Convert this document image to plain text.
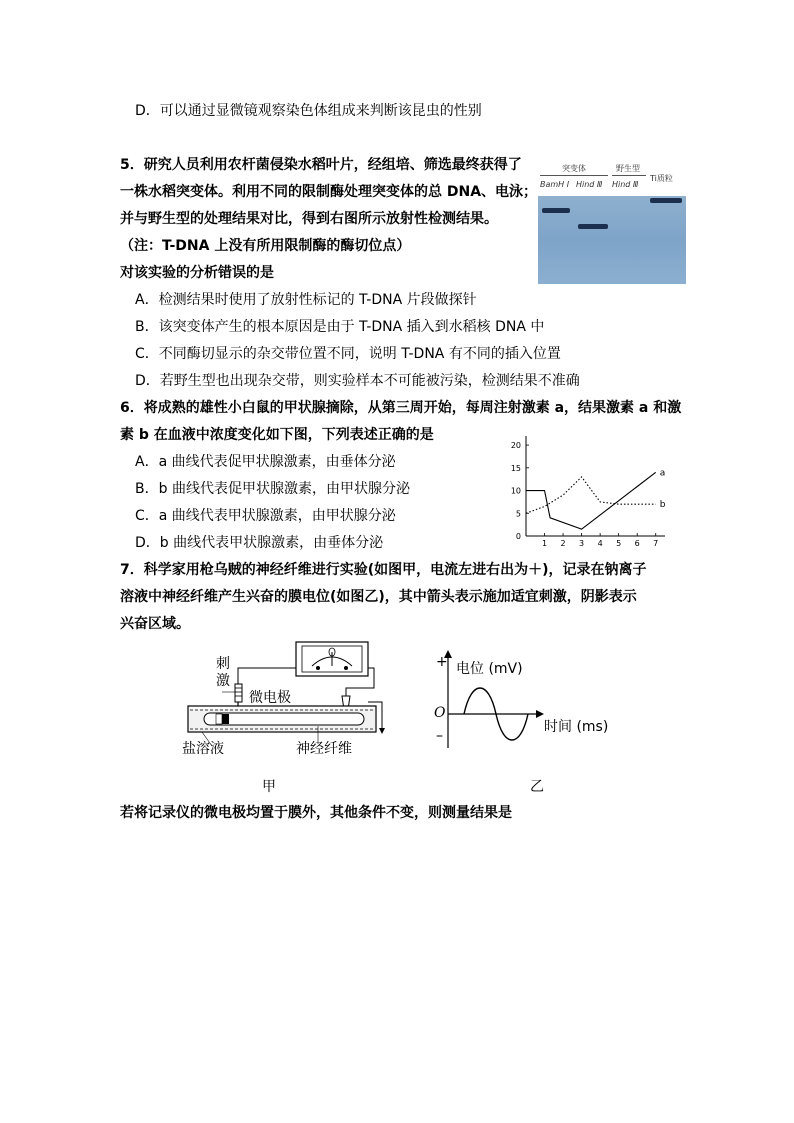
D．可以通过显微镜观察染色体组成来判断该昆虫的性别
5．研究人员利用农杆菌侵染水稻叶片，经组培、筛选最终获得了
一株水稻突变体。利用不同的限制酶处理突变体的总 DNA、电泳；
并与野生型的处理结果对比，得到右图所示放射性检测结果。
（注：T-DNA 上没有所用限制酶的酶切位点）
对该实验的分析错误的是
突变体	野生型
BamH Ⅰ Hind Ⅲ Hind Ⅲ
Ti质粒
A．检测结果时使用了放射性标记的 T-DNA 片段做探针
B．该突变体产生的根本原因是由于 T-DNA 插入到水稻核 DNA 中
C．不同酶切显示的杂交带位置不同，说明 T-DNA 有不同的插入位置
D．若野生型也出现杂交带，则实验样本不可能被污染，检测结果不准确
6．将成熟的雄性小白鼠的甲状腺摘除，从第三周开始，每周注射激素 a，结果激素 a 和激
素 b 在血液中浓度变化如下图，下列表述正确的是
A．a 曲线代表促甲状腺激素，由垂体分泌
B．b 曲线代表促甲状腺激素，由甲状腺分泌
C．a 曲线代表甲状腺激素，由甲状腺分泌
D．b 曲线代表甲状腺激素，由垂体分泌	0
5
10
15
20
1 2 3 4 5 6 7
a
b
7．科学家用枪乌贼的神经纤维进行实验(如图甲，电流左进右出为＋)，记录在钠离子
溶液中神经纤维产生兴奋的膜电位(如图乙)，其中箭头表示施加适宜刺激，阴影表示
兴奋区域。
刺激
微电极
盐溶液	神经纤维
甲
+ 电位 (mV)
O
–
时间 (ms)
乙
若将记录仪的微电极均置于膜外，其他条件不变，则测量结果是
